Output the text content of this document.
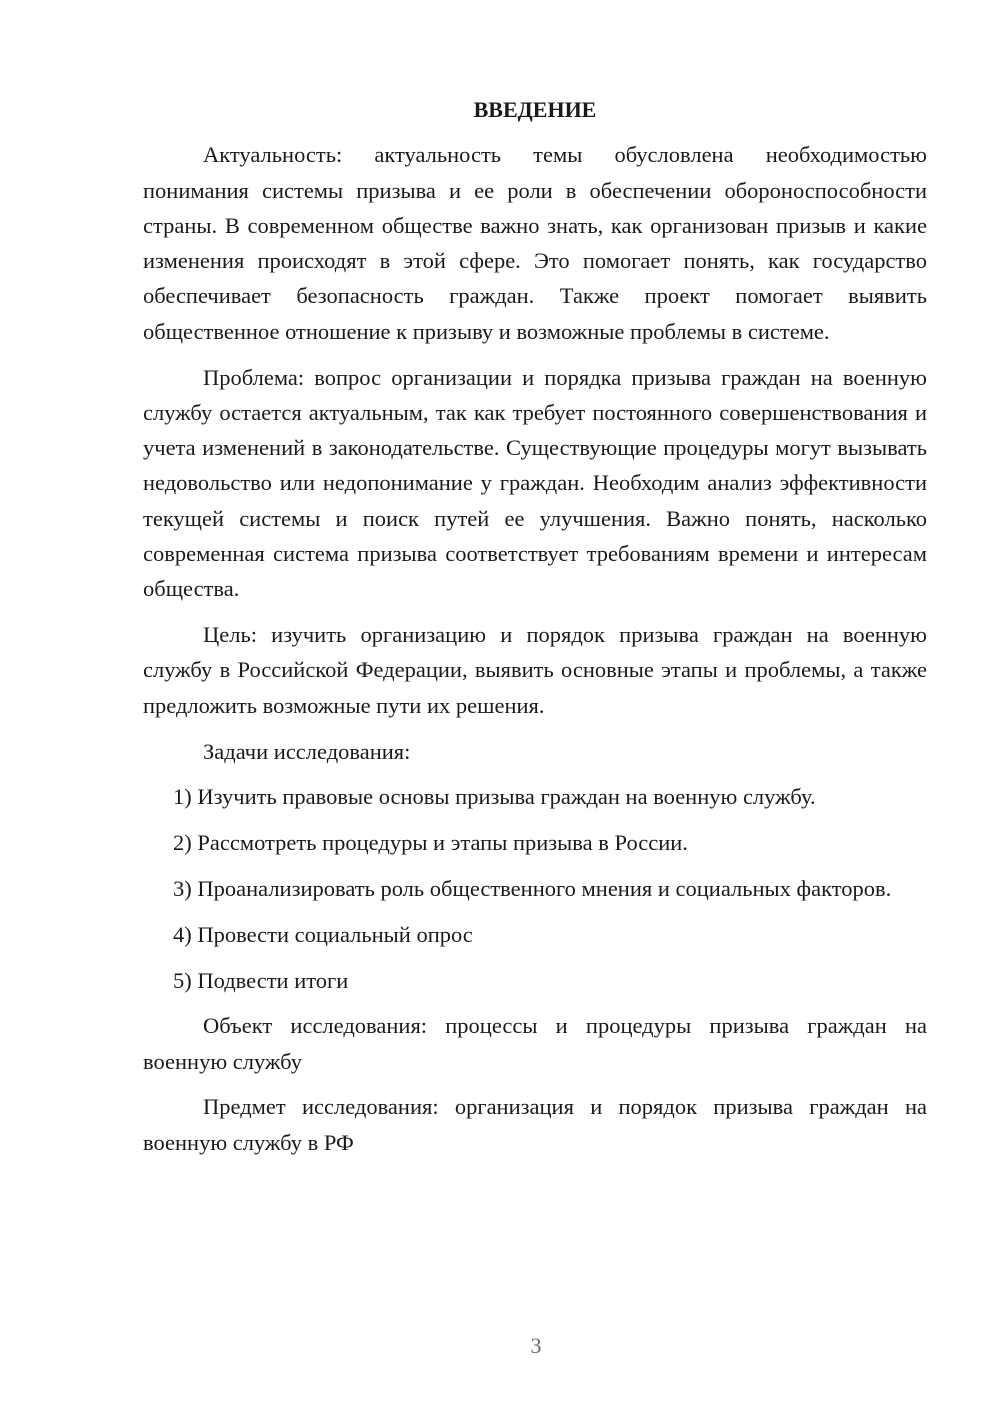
ВВЕДЕНИЕ

Актуальность: актуальность темы обусловлена необходимостью понимания системы призыва и ее роли в обеспечении обороноспособности страны. В современном обществе важно знать, как организован призыв и какие изменения происходят в этой сфере. Это помогает понять, как государство обеспечивает безопасность граждан. Также проект помогает выявить общественное отношение к призыву и возможные проблемы в системе.

Проблема: вопрос организации и порядка призыва граждан на военную службу остается актуальным, так как требует постоянного совершенствования и учета изменений в законодательстве. Существующие процедуры могут вызывать недовольство или недопонимание у граждан. Необходим анализ эффективности текущей системы и поиск путей ее улучшения. Важно понять, насколько современная система призыва соответствует требованиям времени и интересам общества.

Цель: изучить организацию и порядок призыва граждан на военную службу в Российской Федерации, выявить основные этапы и проблемы, а также предложить возможные пути их решения.

Задачи исследования:

1) Изучить правовые основы призыва граждан на военную службу.

2) Рассмотреть процедуры и этапы призыва в России.

3) Проанализировать роль общественного мнения и социальных факторов.

4) Провести социальный опрос

5) Подвести итоги

Объект исследования: процессы и процедуры призыва граждан на военную службу

Предмет исследования: организация и порядок призыва граждан на военную службу в РФ

3
